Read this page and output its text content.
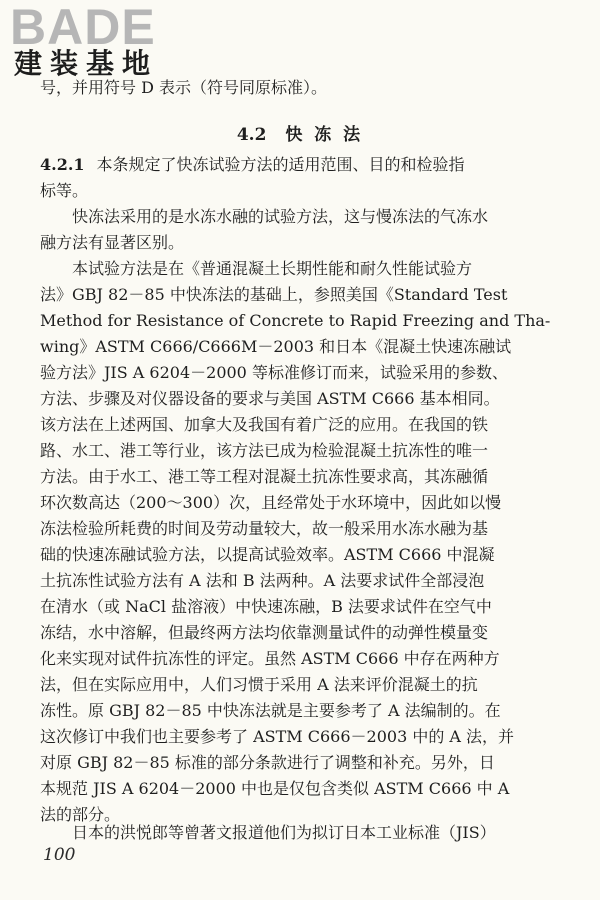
BADE
建装基地
号，并用符号 D 表示（符号同原标准）。
4.2 快 冻 法
4.2.1 本条规定了快冻试验方法的适用范围、目的和检验指
标等。
快冻法采用的是水冻水融的试验方法，这与慢冻法的气冻水
融方法有显著区别。
本试验方法是在《普通混凝土长期性能和耐久性能试验方
法》GBJ 82－85 中快冻法的基础上，参照美国《Standard Test
Method for Resistance of Concrete to Rapid Freezing and Tha-
wing》ASTM C666/C666M－2003 和日本《混凝土快速冻融试
验方法》JIS A 6204－2000 等标准修订而来，试验采用的参数、
方法、步骤及对仪器设备的要求与美国 ASTM C666 基本相同。
该方法在上述两国、加拿大及我国有着广泛的应用。在我国的铁
路、水工、港工等行业，该方法已成为检验混凝土抗冻性的唯一
方法。由于水工、港工等工程对混凝土抗冻性要求高，其冻融循
环次数高达（200～300）次，且经常处于水环境中，因此如以慢
冻法检验所耗费的时间及劳动量较大，故一般采用水冻水融为基
础的快速冻融试验方法，以提高试验效率。ASTM C666 中混凝
土抗冻性试验方法有 A 法和 B 法两种。A 法要求试件全部浸泡
在清水（或 NaCl 盐溶液）中快速冻融，B 法要求试件在空气中
冻结，水中溶解，但最终两方法均依靠测量试件的动弹性模量变
化来实现对试件抗冻性的评定。虽然 ASTM C666 中存在两种方
法，但在实际应用中，人们习惯于采用 A 法来评价混凝土的抗
冻性。原 GBJ 82－85 中快冻法就是主要参考了 A 法编制的。在
这次修订中我们也主要参考了 ASTM C666－2003 中的 A 法，并
对原 GBJ 82－85 标准的部分条款进行了调整和补充。另外，日
本规范 JIS A 6204－2000 中也是仅包含类似 ASTM C666 中 A
法的部分。
日本的洪悦郎等曾著文报道他们为拟订日本工业标准（JIS）
100
